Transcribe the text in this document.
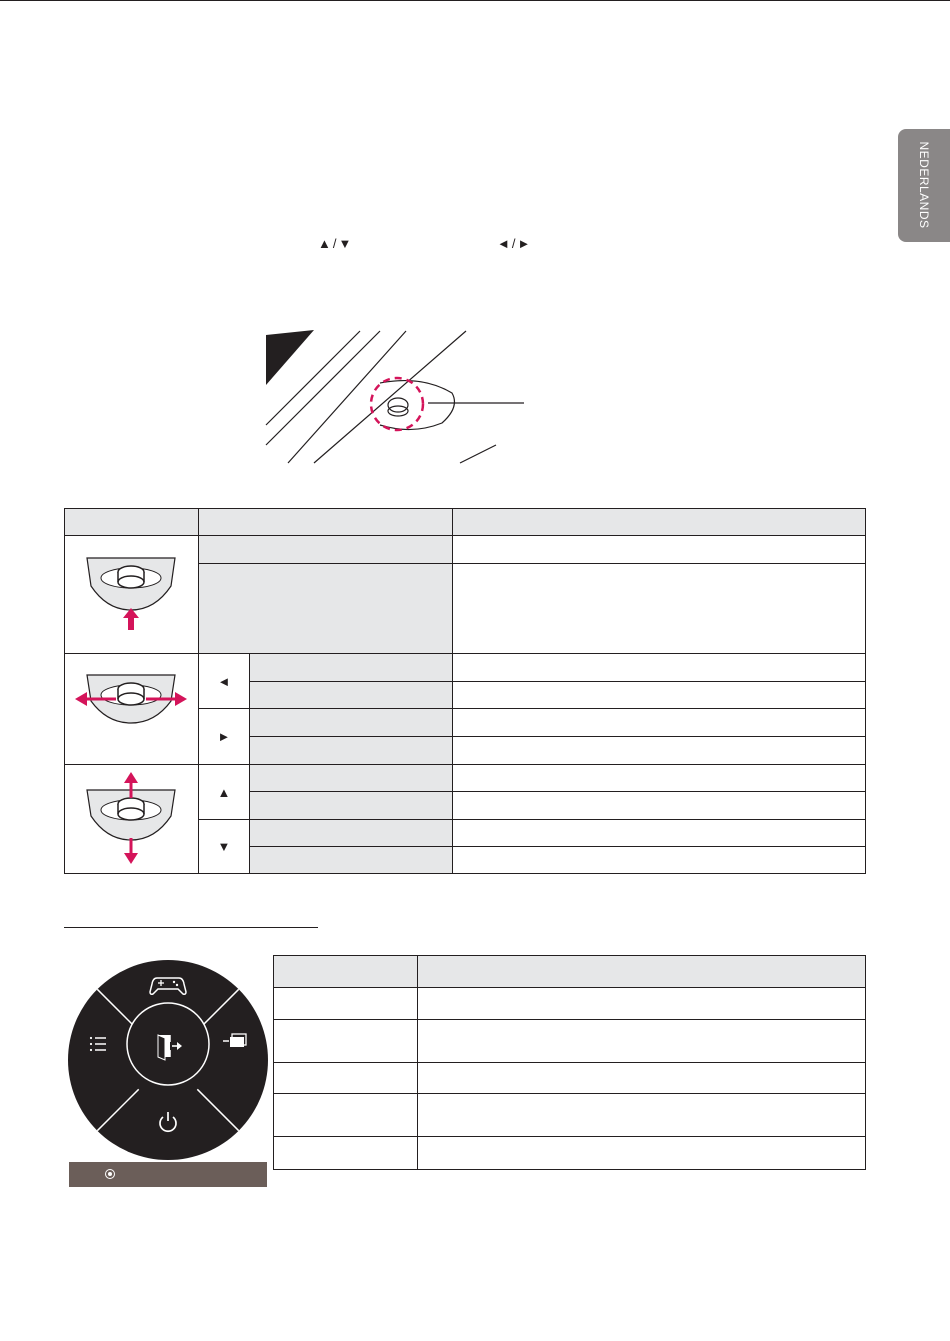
NEDERLANDS
▲/▼	◄/►

	◄		

	►		

	▲		

	▼		
